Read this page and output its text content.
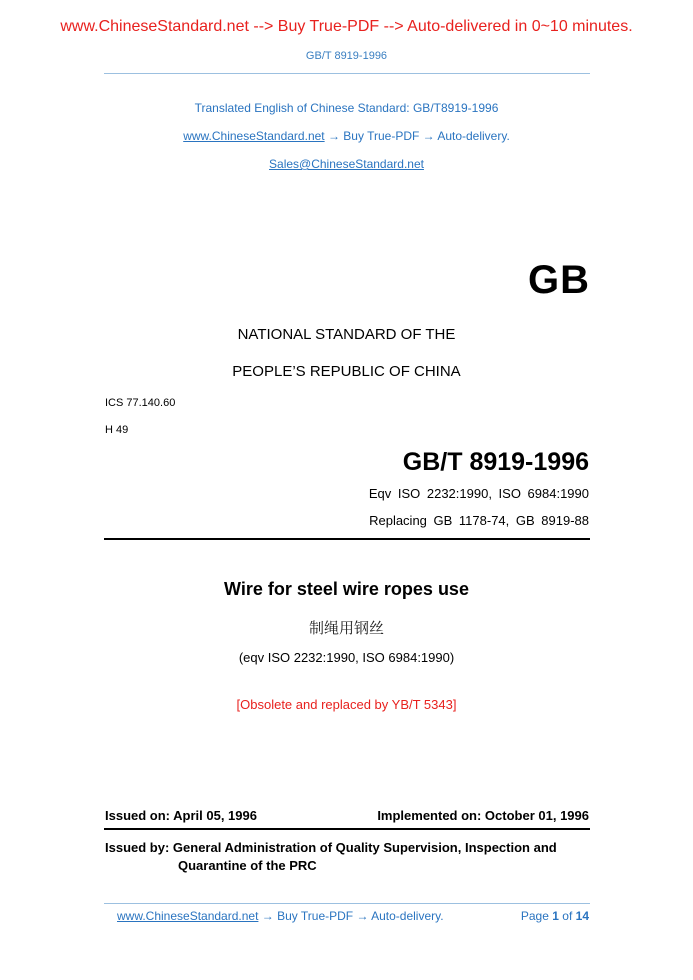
www.ChineseStandard.net --> Buy True-PDF --> Auto-delivered in 0~10 minutes.
GB/T 8919-1996
Translated English of Chinese Standard: GB/T8919-1996
www.ChineseStandard.net → Buy True-PDF → Auto-delivery.
Sales@ChineseStandard.net
GB
NATIONAL STANDARD OF THE
PEOPLE’S REPUBLIC OF CHINA
ICS 77.140.60
H 49
GB/T 8919-1996
Eqv ISO 2232:1990, ISO 6984:1990
Replacing GB 1178-74, GB 8919-88
Wire for steel wire ropes use
制绳用钢丝
(eqv ISO 2232:1990, ISO 6984:1990)
[Obsolete and replaced by YB/T 5343]
Issued on: April 05, 1996	Implemented on: October 01, 1996
Issued by: General Administration of Quality Supervision, Inspection and
Quarantine of the PRC
www.ChineseStandard.net → Buy True-PDF → Auto-delivery.	Page 1 of 14
